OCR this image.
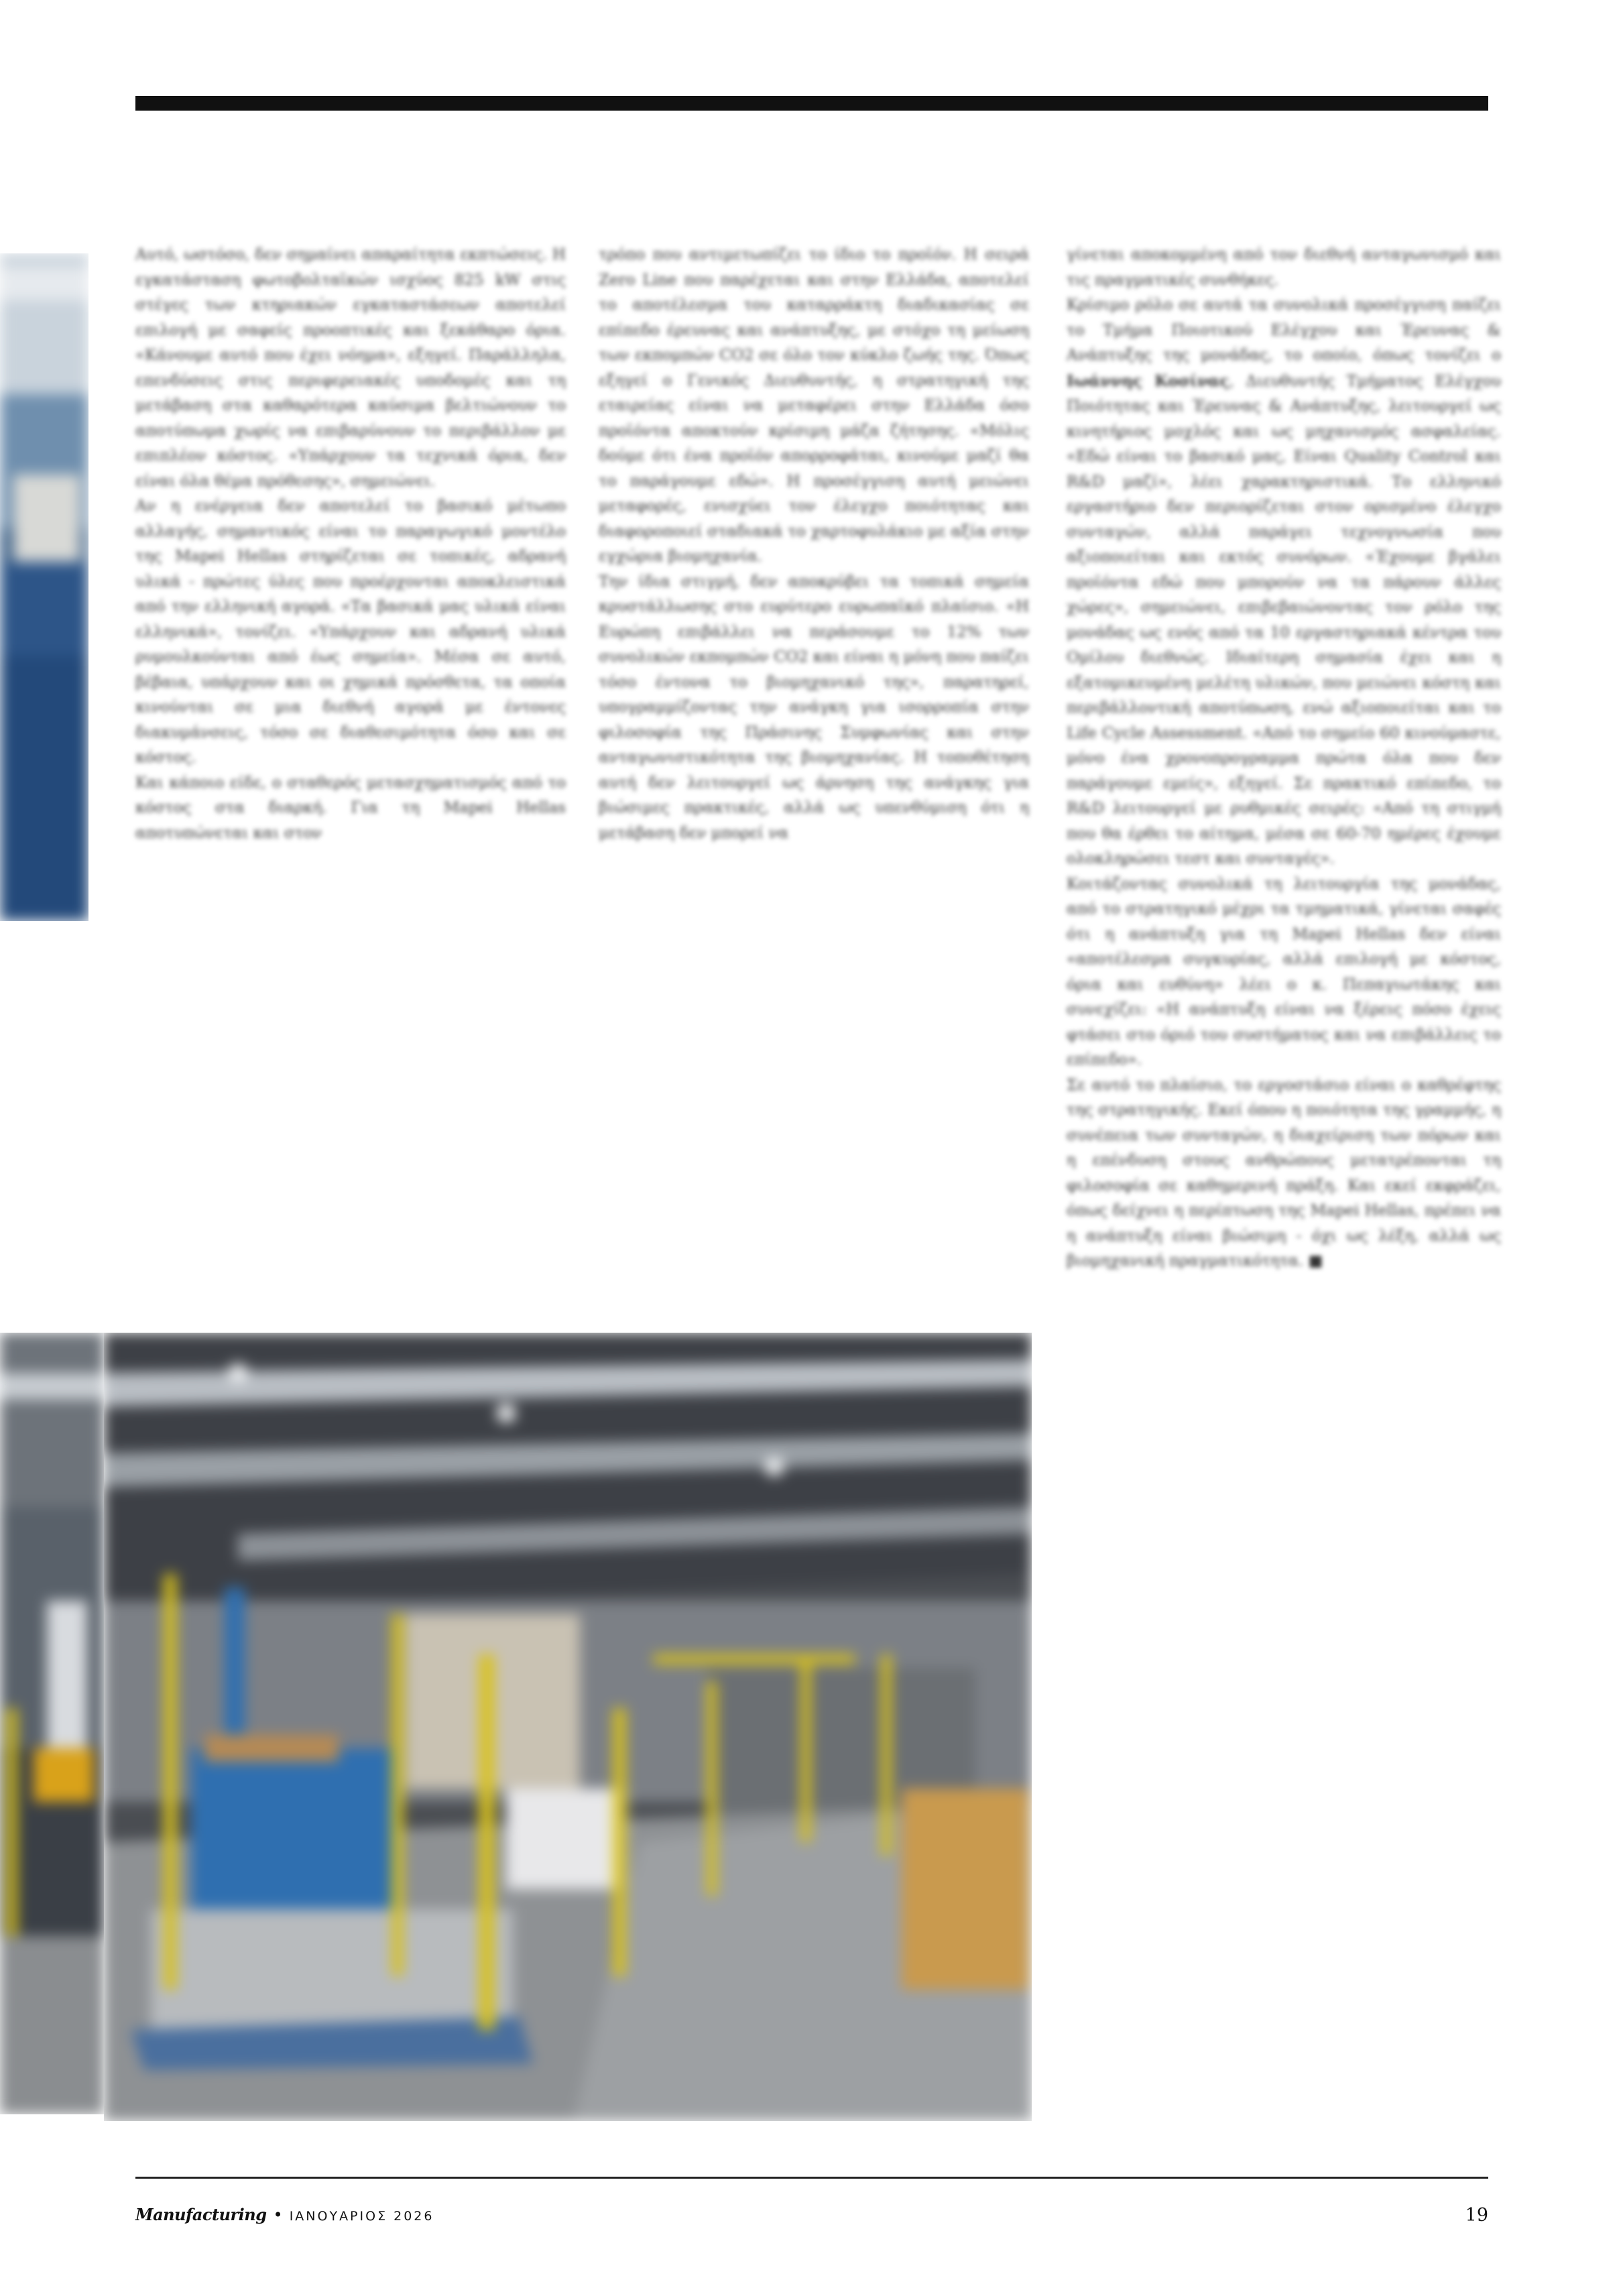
Αυτό, ωστόσο, δεν σημαίνει απαραίτητα εκπτώσεις. Η εγκατάσταση φωτοβολταϊκών ισχύος 825 kW στις στέγες των κτηριακών εγκαταστάσεων αποτελεί επιλογή με σαφείς προοπτικές και ξεκάθαρο όρια. «Κάνουμε αυτό που έχει νόημα», εξηγεί. Παράλληλα, επενδύσεις στις περιφερειακές υποδομές και τη μετάβαση στα καθαρότερα καύσιμα βελτιώνουν το αποτύπωμα χωρίς να επιβαρύνουν το περιβάλλον με επιπλέον κόστος. «Υπάρχουν τα τεχνικά όρια, δεν είναι όλα θέμα πρόθεσης», σημειώνει.

Αν η ενέργεια δεν αποτελεί το βασικό μέτωπο αλλαγής, σημαντικός είναι το παραγωγικό μοντέλο της Mapei Hellas στηρίζεται σε τοπικές, αδρανή υλικά - πρώτες ύλες που προέρχονται αποκλειστικά από την ελληνική αγορά. «Τα βασικά μας υλικά είναι ελληνικά», τονίζει. «Υπάρχουν και αδρανή υλικά ρυμουλκούνται από έως σημεία». Μέσα σε αυτό, βέβαια, υπάρχουν και οι χημικά πρόσθετα, τα οποία κινούνται σε μια διεθνή αγορά με έντονες διακυμάνσεις, τόσο σε διαθεσιμότητα όσο και σε κόστος.

Και κάποιο είδε, ο σταθερός μετασχηματισμός από το κόστος στα διαρκή. Για τη Mapei Hellas αποτυπώνεται και στον

τρόπο που αντιμετωπίζει το ίδιο το προϊόν. Η σειρά Zero Line που παρέχεται και στην Ελλάδα, αποτελεί το αποτέλεσμα του καταρράκτη διαδικασίας σε επίπεδο έρευνας και ανάπτυξης, με στόχο τη μείωση των εκπομπών CO2 σε όλο τον κύκλο ζωής της. Όπως εξηγεί ο Γενικός Διευθυντής, η στρατηγική της εταιρείας είναι να μεταφέρει στην Ελλάδα όσο προϊόντα αποκτούν κρίσιμη μάζα ζήτησης. «Μόλις δούμε ότι ένα προϊόν απορροφάται, κινούμε μαζί θα το παράγουμε εδώ». Η προσέγγιση αυτή μειώνει μεταφορές, ενισχύει τον έλεγχο ποιότητας και διαφοροποιεί σταδιακά το χαρτοφυλάκιο με αξία στην εγχώρια βιομηχανία.

Την ίδια στιγμή, δεν αποκρύβει τα τοπικά σημεία κρυστάλλωσης στο ευρύτερο ευρωπαϊκό πλαίσιο. «Η Ευρώπη επιβάλλει να περάσουμε το 12% των συνολικών εκπομπών CO2 και είναι η μόνη που παίζει τόσο έντονα το βιομηχανικό της», παρατηρεί, υπογραμμίζοντας την ανάγκη για ισορροπία στην φιλοσοφία της Πράσινης Συμφωνίας και στην ανταγωνιστικότητα της βιομηχανίας. Η τοποθέτηση αυτή δεν λειτουργεί ως άρνηση της ανάγκης για βιώσιμες πρακτικές, αλλά ως υπενθύμιση ότι η μετάβαση δεν μπορεί να

γίνεται αποκομμένη από τον διεθνή ανταγωνισμό και τις πραγματικές συνθήκες.

Κρίσιμο ρόλο σε αυτά τα συνολικά προσέγγιση παίζει το Τμήμα Ποιοτικού Ελέγχου και Έρευνας & Ανάπτυξης της μονάδας, το οποίο, όπως τονίζει ο Ιωάννης Κοσίνας, Διευθυντής Τμήματος Ελέγχου Ποιότητας και Έρευνας & Ανάπτυξης, λειτουργεί ως κινητήριος μοχλός και ως μηχανισμός ασφαλείας. «Εδώ είναι το βασικό μας, Είναι Quality Control και R&D μαζί», λέει χαρακτηριστικά. Το ελληνικό εργαστήριο δεν περιορίζεται στον ορισμένο έλεγχο συνταγών, αλλά παράγει τεχνογνωσία που αξιοποιείται και εκτός συνόρων. «Έχουμε βγάλει προϊόντα εδώ που μπορούν να τα πάρουν άλλες χώρες», σημειώνει, επιβεβαιώνοντας τον ρόλο της μονάδας ως ενός από τα 10 εργαστηριακά κέντρα του Ομίλου διεθνώς. Ιδιαίτερη σημασία έχει και η εξατομικευμένη μελέτη υλικών, που μειώνει κόστη και περιβάλλοντική αποτύπωση, ενώ αξιοποιείται και το Life Cycle Assessment. «Από το σημείο 60 κινούμαστε, μόνο ένα χρονοπρογραμμα πρώτα όλα που δεν παράγουμε εμείς», εξηγεί. Σε πρακτικό επίπεδο, το R&D λειτουργεί με ρυθμικές σειρές: «Από τη στιγμή που θα έρθει το αίτημα, μέσα σε 60-70 ημέρες έχουμε ολοκληρώσει τεστ και συνταγές».

Κοιτάζοντας συνολικά τη λειτουργία της μονάδας, από το στρατηγικό μέχρι τα τμηματικά, γίνεται σαφές ότι η ανάπτυξη για τη Mapei Hellas δεν είναι «αποτέλεσμα συγκυρίας, αλλά επιλογή με κόστος, όρια και ευθύνη» λέει ο κ. Πεπαγιωτάκης και συνεχίζει: «Η ανάπτυξη είναι να ξέρεις πόσο έχεις φτάσει στο όριό του συστήματος και να επιβάλλεις το επίπεδο».

Σε αυτό το πλαίσιο, το εργοστάσιο είναι ο καθρέφτης της στρατηγικής. Εκεί όπου η ποιότητα της γραμμής, η συνέπεια των συνταγών, η διαχείριση των πόρων και η επένδυση στους ανθρώπους μετατρέπονται τη φιλοσοφία σε καθημερινή πράξη. Και εκεί εκφράζει, όπως δείχνει η περίπτωση της Mapei Hellas, πρέπει να η ανάπτυξη είναι βιώσιμη - όχι ως λέξη, αλλά ως βιομηχανική πραγματικότητα. ■

Manufacturing • ΙΑΝΟΥΑΡΙΟΣ 2026	19
